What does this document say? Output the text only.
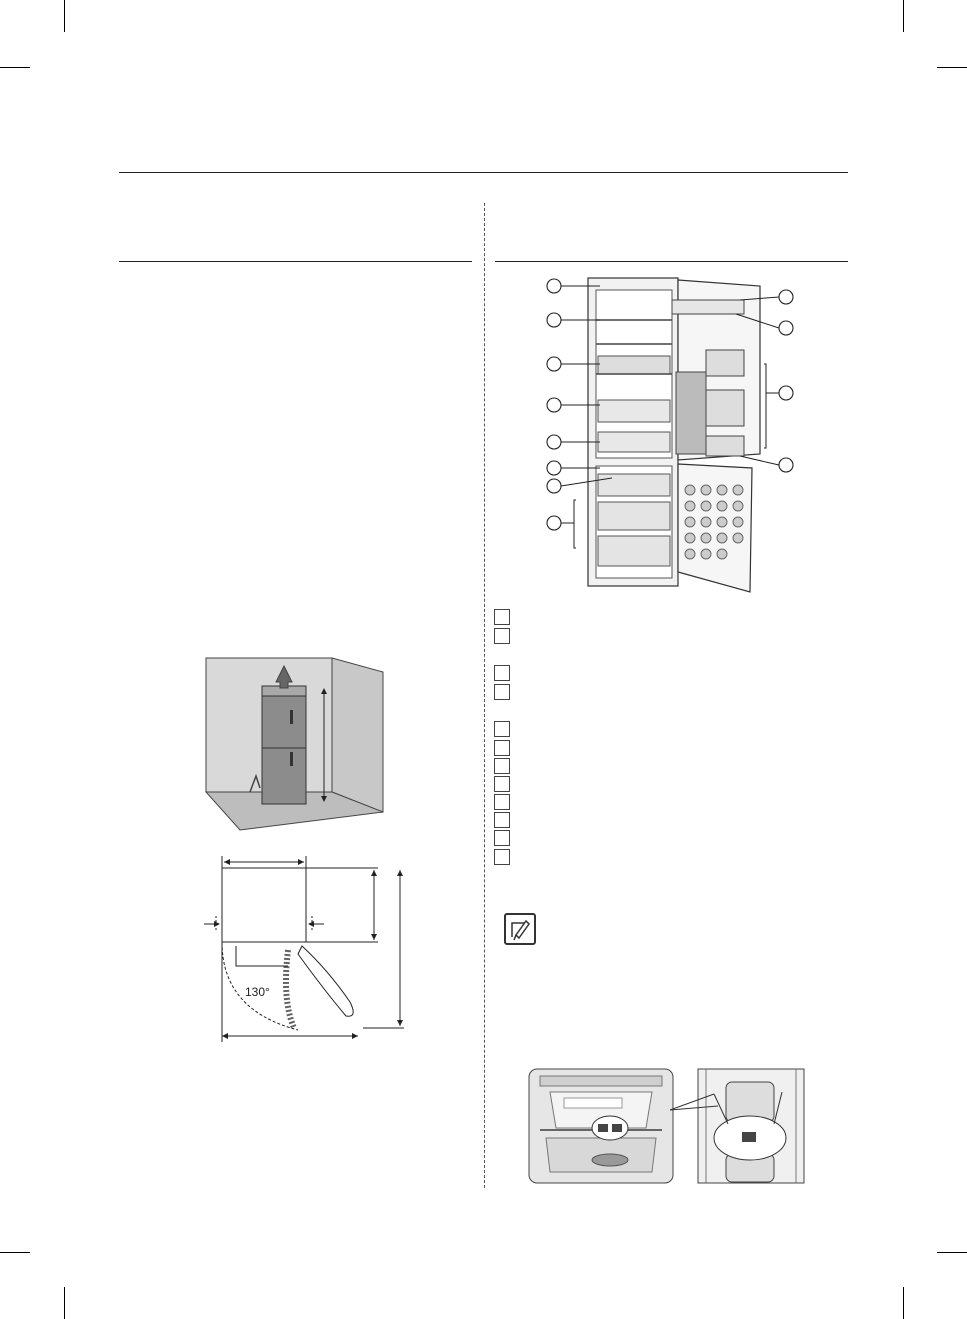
130°
